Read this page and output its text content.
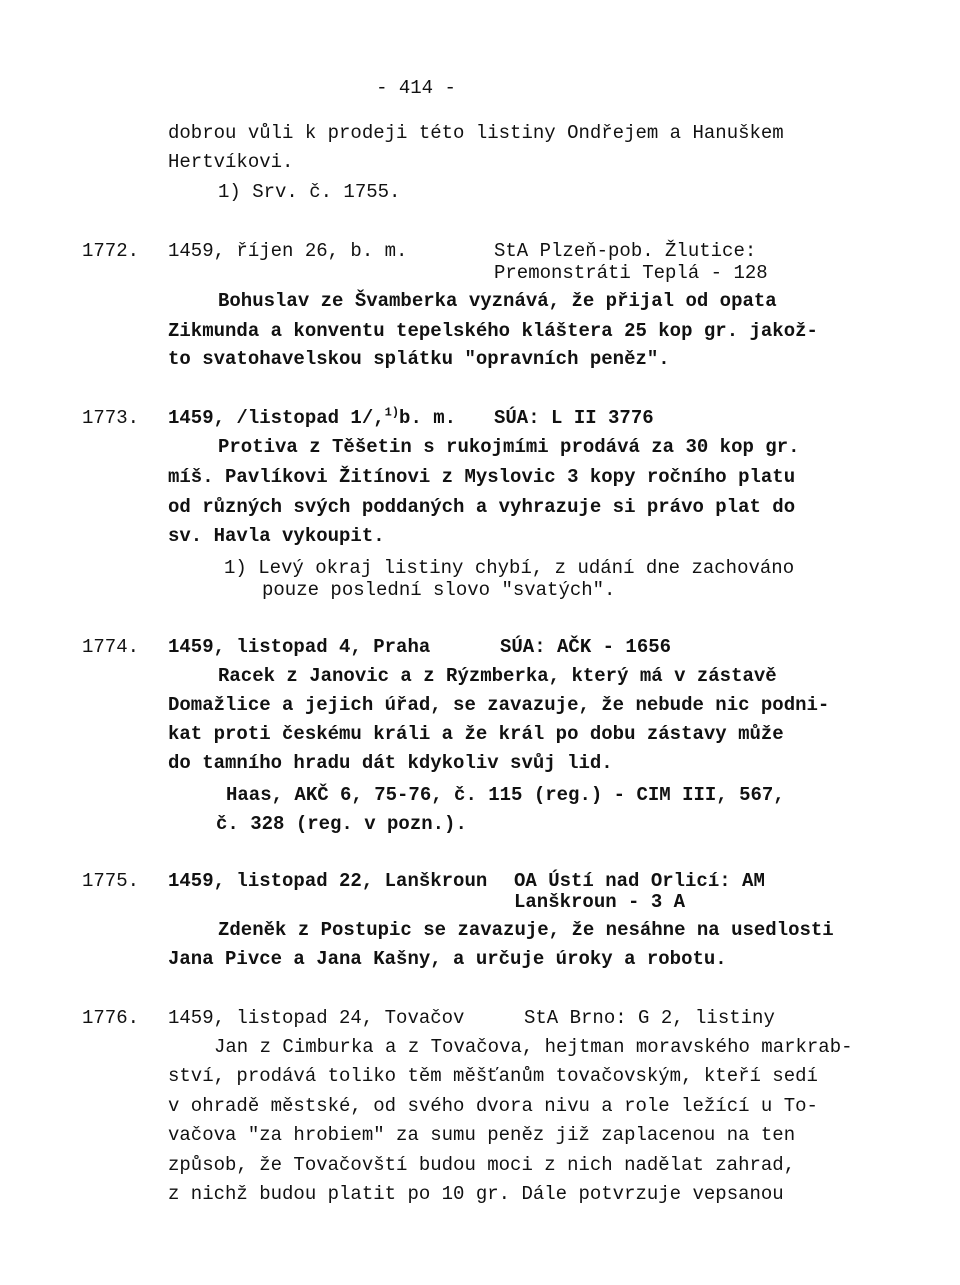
- 414 -
dobrou vůli k prodeji této listiny Ondřejem a Hanuškem
Hertvíkovi.
1) Srv. č. 1755.
1772. 1459, říjen 26, b. m.	StA Plzeň-pob. Žlutice:
Premonstráti Teplá - 128
Bohuslav ze Švamberka vyznává, že přijal od opata
Zikmunda a konventu tepelského kláštera 25 kop gr. jakož-
to svatohavelskou splátku "opravních peněz".
1773. 1459, /listopad 1/,$^{1)}$b. m. SÚA: L II 3776
Protiva z Těšetin s rukojmími prodává za 30 kop gr.
míš. Pavlíkovi Žitínovi z Myslovic 3 kopy ročního platu
od různých svých poddaných a vyhrazuje si právo plat do
sv. Havla vykoupit.
1) Levý okraj listiny chybí, z udání dne zachováno
pouze poslední slovo "svatých".
1774. 1459, listopad 4, Praha	SÚA: AČK - 1656
Racek z Janovic a z Rýzmberka, který má v zástavě
Domažlice a jejich úřad, se zavazuje, že nebude nic podni-
kat proti českému králi a že král po dobu zástavy může
do tamního hradu dát kdykoliv svůj lid.
Haas, AKČ 6, 75-76, č. 115 (reg.) - CIM III, 567,
č. 328 (reg. v pozn.).
1775. 1459, listopad 22, Lanškroun OA Ústí nad Orlicí: AM
Lanškroun - 3 A
Zdeněk z Postupic se zavazuje, že nesáhne na usedlosti
Jana Pivce a Jana Kašny, a určuje úroky a robotu.
1776. 1459, listopad 24, Tovačov	StA Brno: G 2, listiny
Jan z Cimburka a z Tovačova, hejtman moravského markrab-
ství, prodává toliko těm měšťanům tovačovským, kteří sedí
v ohradě městské, od svého dvora nivu a role ležící u To-
vačova "za hrobiem" za sumu peněz již zaplacenou na ten
způsob, že Tovačovští budou moci z nich nadělat zahrad,
z nichž budou platit po 10 gr. Dále potvrzuje vepsanou
